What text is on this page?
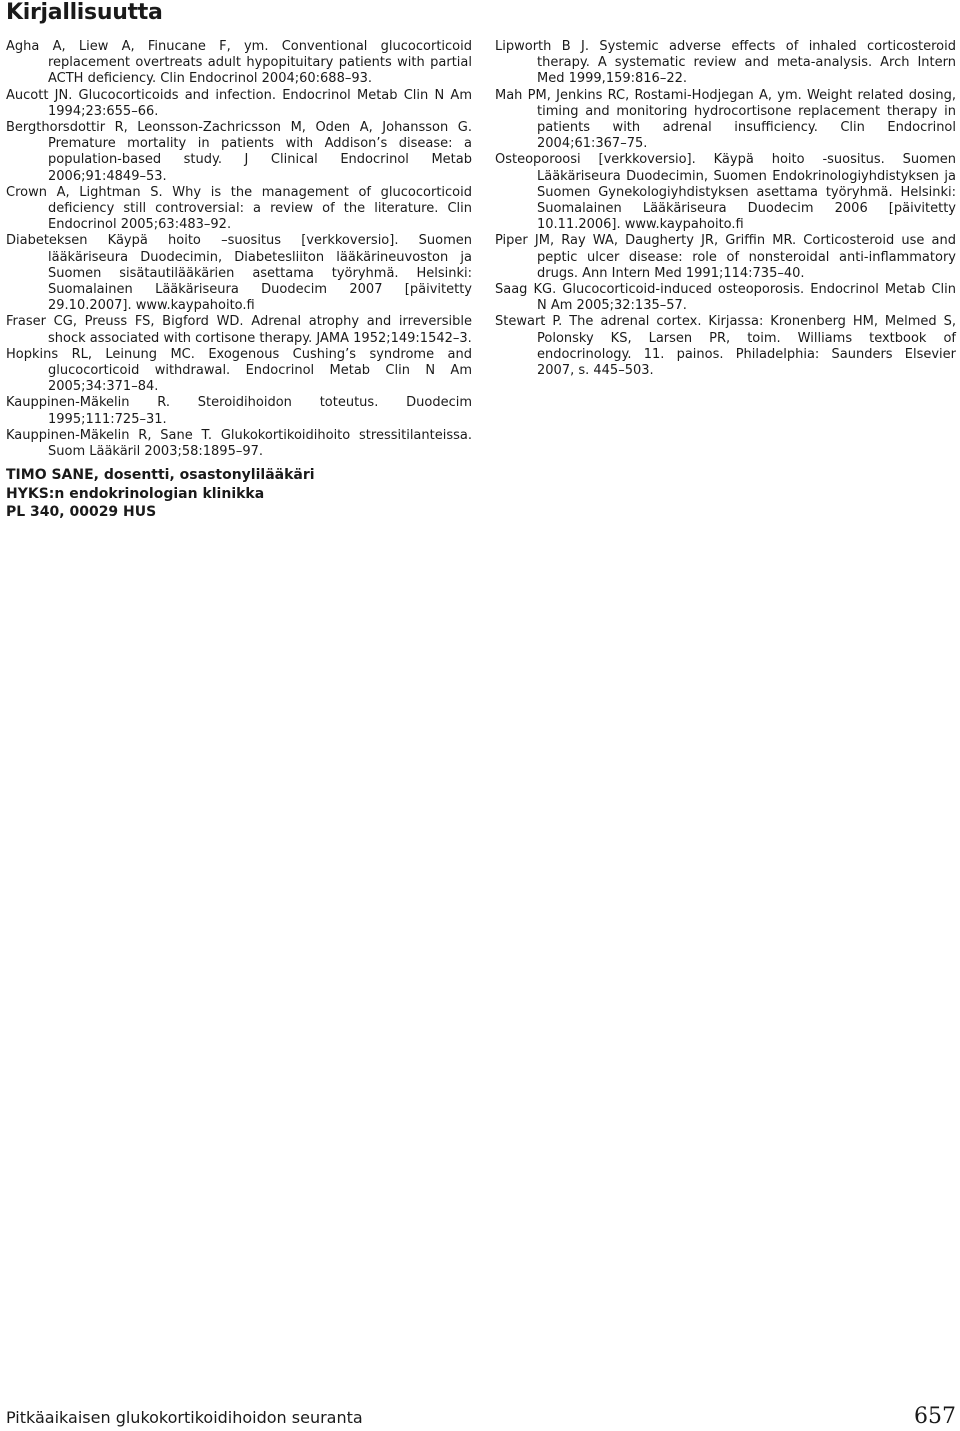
Kirjallisuutta

Agha A, Liew A, Finucane F, ym. Conventional glucocorticoid replacement overtreats adult hypopituitary patients with partial ACTH deficiency. Clin Endocrinol 2004;60:688–93.

Aucott JN. Glucocorticoids and infection. Endocrinol Metab Clin N Am 1994;23:655–66.

Bergthorsdottir R, Leonsson-Zachricsson M, Oden A, Johansson G. Premature mortality in patients with Addison’s disease: a population-based study. J Clinical Endocrinol Metab 2006;91:4849–53.

Crown A, Lightman S. Why is the management of glucocorticoid deficiency still controversial: a review of the literature. Clin Endocrinol 2005;63:483–92.

Diabeteksen Käypä hoito –suositus [verkkoversio]. Suomen lääkäriseura Duodecimin, Diabetesliiton lääkärineuvoston ja Suomen sisätautilääkärien asettama työryhmä. Helsinki: Suomalainen Lääkäriseura Duodecim 2007 [päivitetty 29.10.2007]. www.kaypahoito.fi

Fraser CG, Preuss FS, Bigford WD. Adrenal atrophy and irreversible shock associated with cortisone therapy. JAMA 1952;149:1542–3.

Hopkins RL, Leinung MC. Exogenous Cushing’s syndrome and glucocorticoid withdrawal. Endocrinol Metab Clin N Am 2005;34:371–84.

Kauppinen-Mäkelin R. Steroidihoidon toteutus. Duodecim 1995;111:725–31.

Kauppinen-Mäkelin R, Sane T. Glukokortikoidihoito stressitilanteissa. Suom Lääkäril 2003;58:1895–97.

Lipworth B J. Systemic adverse effects of inhaled corticosteroid therapy. A systematic review and meta-analysis. Arch Intern Med 1999,159:816–22.

Mah PM, Jenkins RC, Rostami-Hodjegan A, ym. Weight related dosing, timing and monitoring hydrocortisone replacement therapy in patients with adrenal insufficiency. Clin Endocrinol 2004;61:367–75.

Osteoporoosi [verkkoversio]. Käypä hoito -suositus. Suomen Lääkäriseura Duodecimin, Suomen Endokrinologiyhdistyksen ja Suomen Gynekologiyhdistyksen asettama työryhmä. Helsinki: Suomalainen Lääkäriseura Duodecim 2006 [päivitetty 10.11.2006]. www.kaypahoito.fi

Piper JM, Ray WA, Daugherty JR, Griffin MR. Corticosteroid use and peptic ulcer disease: role of nonsteroidal anti-inflammatory drugs. Ann Intern Med 1991;114:735–40.

Saag KG. Glucocorticoid-induced osteoporosis. Endocrinol Metab Clin N Am 2005;32:135–57.

Stewart P. The adrenal cortex. Kirjassa: Kronenberg HM, Melmed S, Polonsky KS, Larsen PR, toim. Williams textbook of endocrinology. 11. painos. Philadelphia: Saunders Elsevier 2007, s. 445–503.

TIMO SANE, dosentti, osastonylilääkäri
HYKS:n endokrinologian klinikka
PL 340, 00029 HUS
Pitkäaikaisen glukokortikoidihoidon seuranta	657
